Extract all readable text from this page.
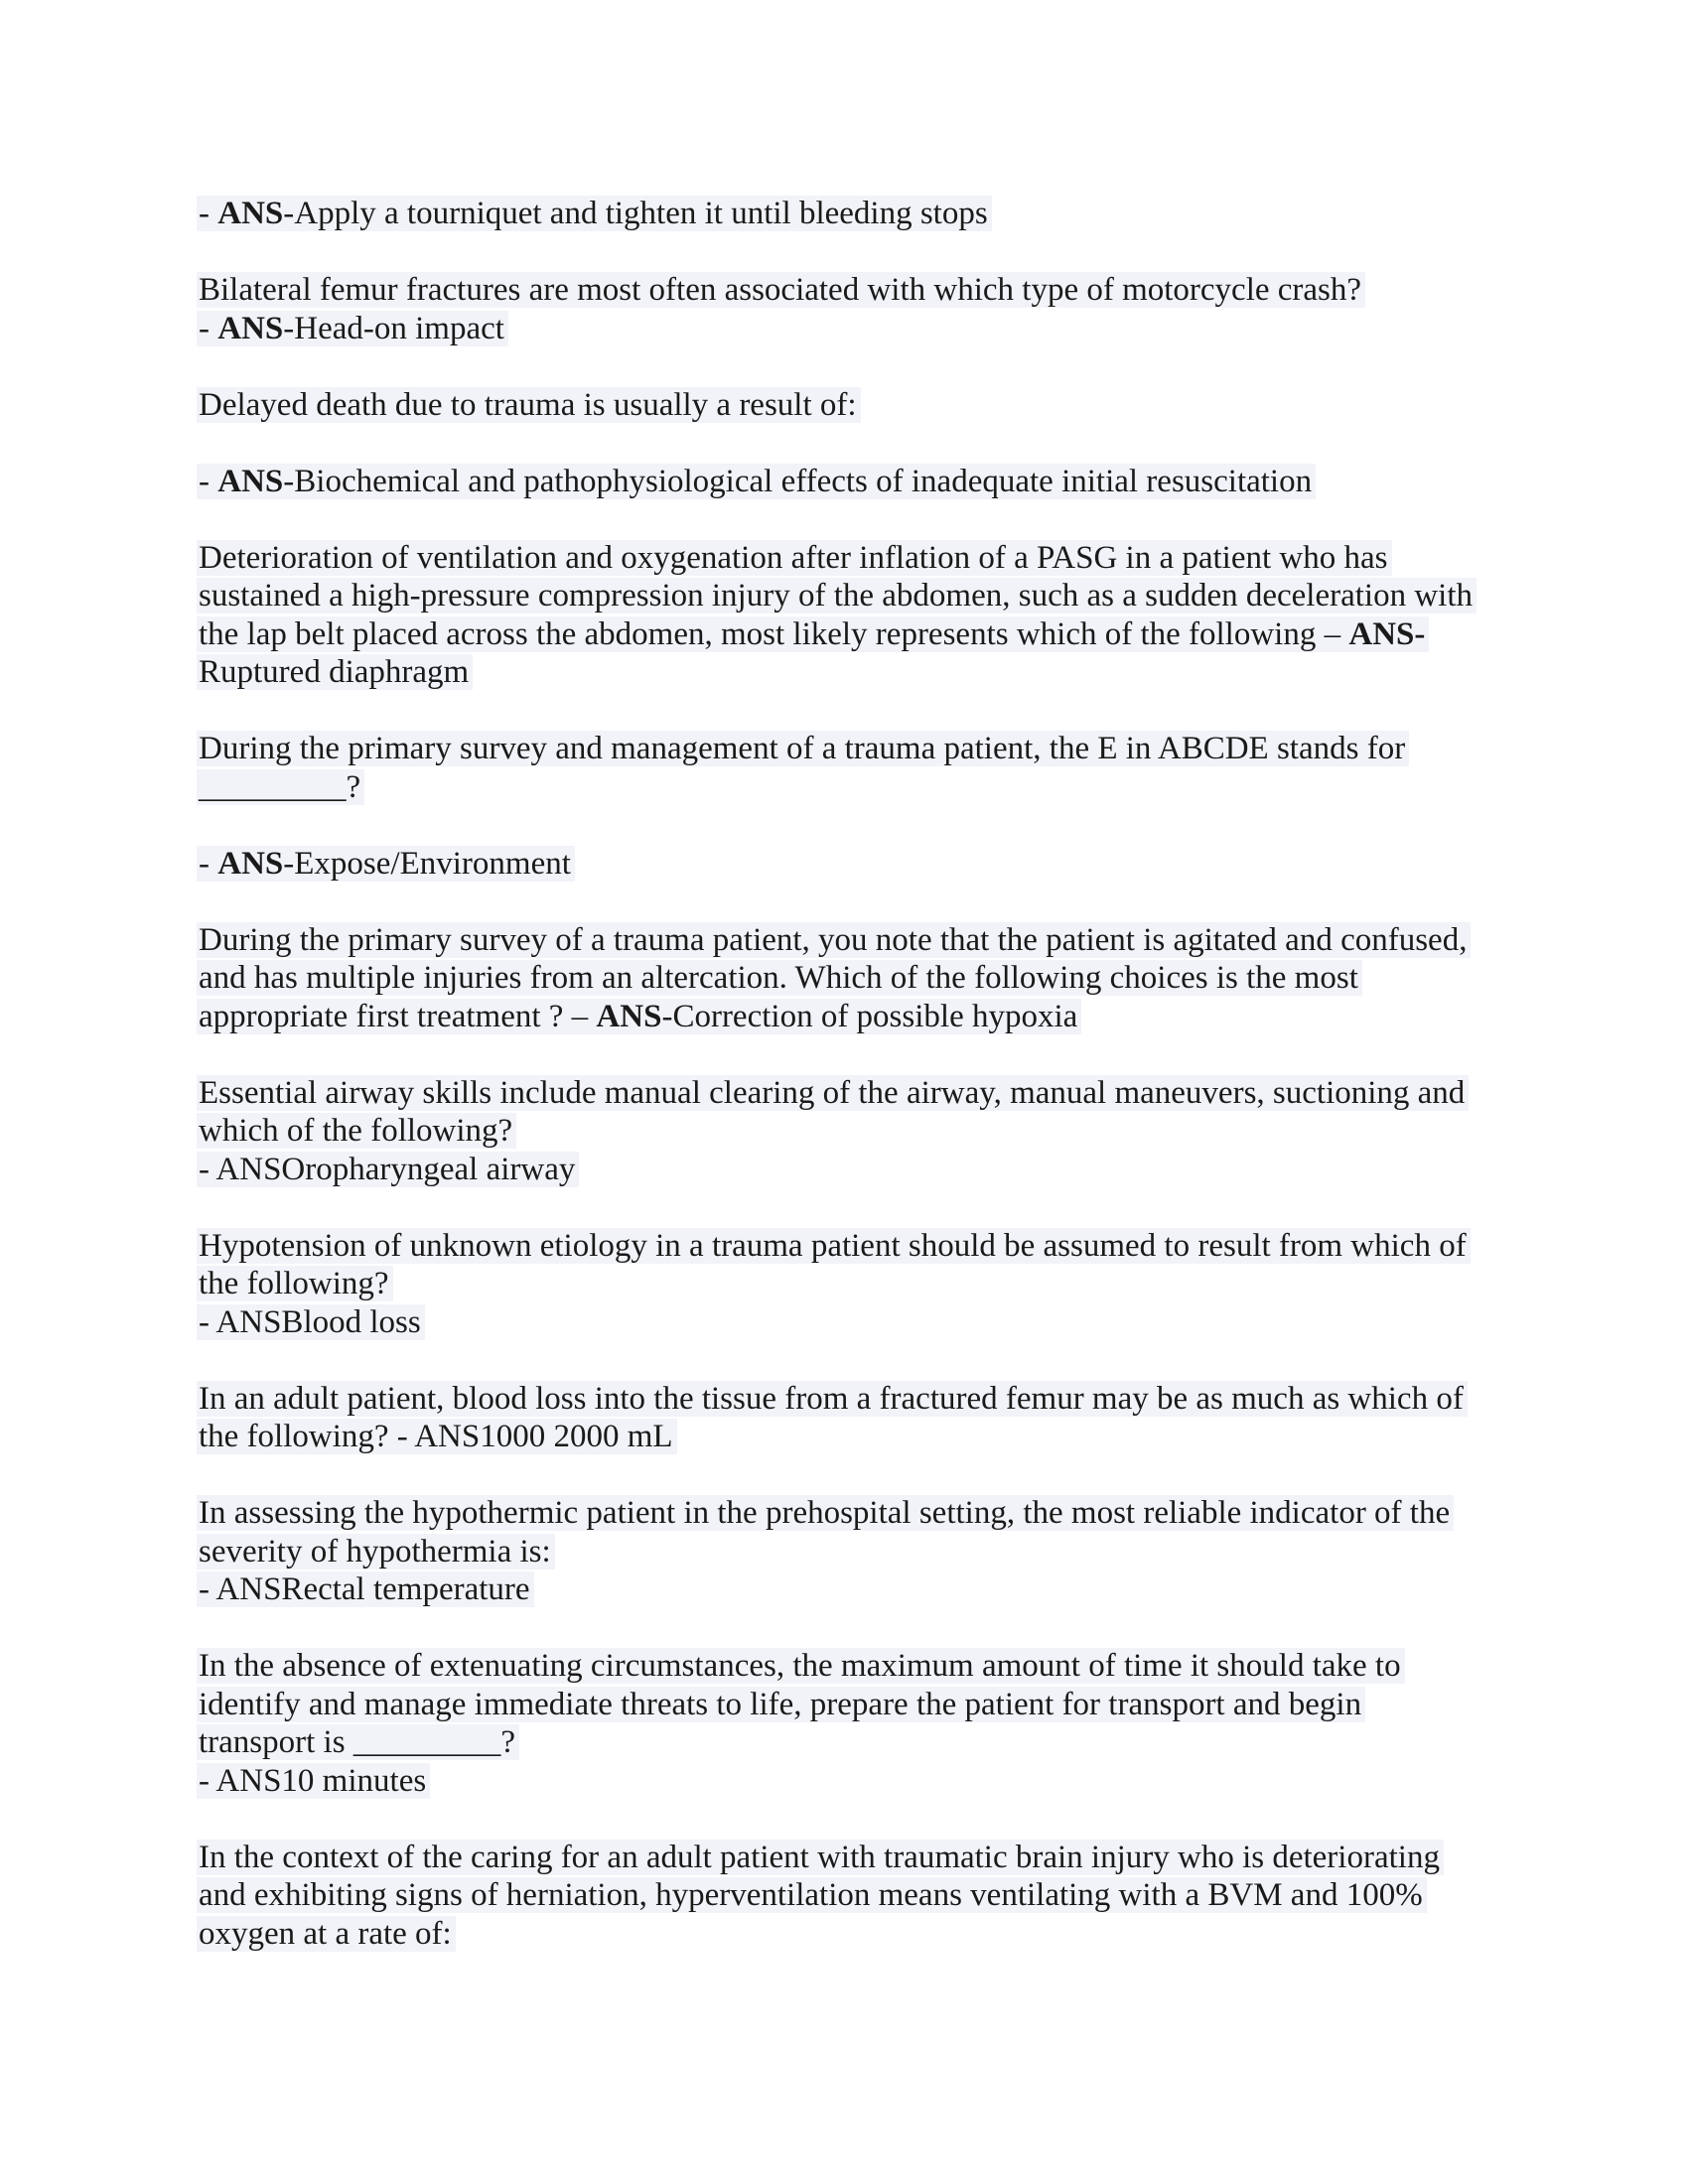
- ANS-Apply a tourniquet and tighten it until bleeding stops
Bilateral femur fractures are most often associated with which type of motorcycle crash?
- ANS-Head-on impact
Delayed death due to trauma is usually a result of:
- ANS-Biochemical and pathophysiological effects of inadequate initial resuscitation
Deterioration of ventilation and oxygenation after inflation of a PASG in a patient who has
sustained a high-pressure compression injury of the abdomen, such as a sudden deceleration with
the lap belt placed across the abdomen, most likely represents which of the following – ANS-
Ruptured diaphragm
During the primary survey and management of a trauma patient, the E in ABCDE stands for
_________?
- ANS-Expose/Environment
During the primary survey of a trauma patient, you note that the patient is agitated and confused,
and has multiple injuries from an altercation. Which of the following choices is the most
appropriate first treatment ? – ANS-Correction of possible hypoxia
Essential airway skills include manual clearing of the airway, manual maneuvers, suctioning and
which of the following?
- ANSOropharyngeal airway
Hypotension of unknown etiology in a trauma patient should be assumed to result from which of
the following?
- ANSBlood loss
In an adult patient, blood loss into the tissue from a fractured femur may be as much as which of
the following? - ANS1000 2000 mL
In assessing the hypothermic patient in the prehospital setting, the most reliable indicator of the
severity of hypothermia is:
- ANSRectal temperature
In the absence of extenuating circumstances, the maximum amount of time it should take to
identify and manage immediate threats to life, prepare the patient for transport and begin
transport is _________?
- ANS10 minutes
In the context of the caring for an adult patient with traumatic brain injury who is deteriorating
and exhibiting signs of herniation, hyperventilation means ventilating with a BVM and 100%
oxygen at a rate of:
